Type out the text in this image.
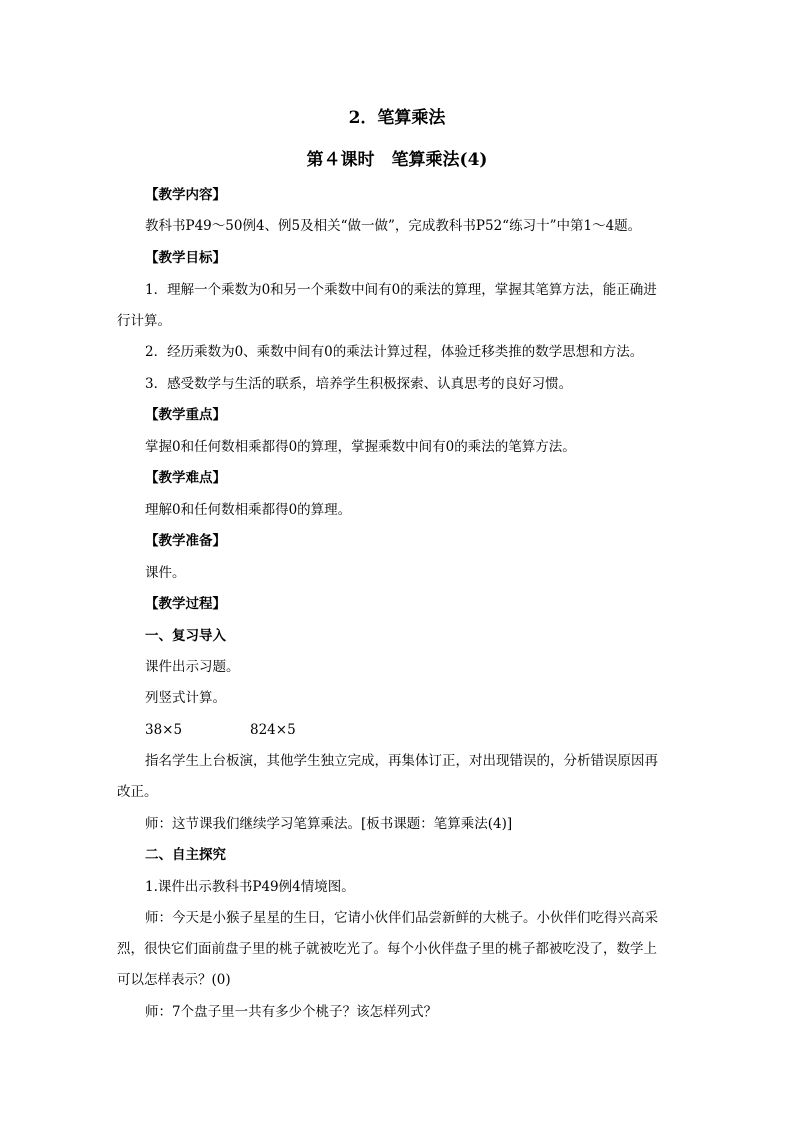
2．笔算乘法
第４课时　笔算乘法(4)
【教学内容】
教科书P49～50例4、例5及相关“做一做”，完成教科书P52“练习十”中第1～4题。
【教学目标】
1．理解一个乘数为0和另一个乘数中间有0的乘法的算理，掌握其笔算方法，能正确进
行计算。
2．经历乘数为0、乘数中间有0的乘法计算过程，体验迁移类推的数学思想和方法。
3．感受数学与生活的联系，培养学生积极探索、认真思考的良好习惯。
【教学重点】
掌握0和任何数相乘都得0的算理，掌握乘数中间有0的乘法的笔算方法。
【教学难点】
理解0和任何数相乘都得0的算理。
【教学准备】
课件。
【教学过程】
一、复习导入
课件出示习题。
列竖式计算。
38×5	824×5
指名学生上台板演，其他学生独立完成，再集体订正，对出现错误的，分析错误原因再
改正。
师：这节课我们继续学习笔算乘法。[板书课题：笔算乘法(4)]
二、自主探究
1.课件出示教科书P49例4情境图。
师：今天是小猴子星星的生日，它请小伙伴们品尝新鲜的大桃子。小伙伴们吃得兴高采
烈，很快它们面前盘子里的桃子就被吃光了。每个小伙伴盘子里的桃子都被吃没了，数学上
可以怎样表示？(0)
师：7个盘子里一共有多少个桃子？该怎样列式？
